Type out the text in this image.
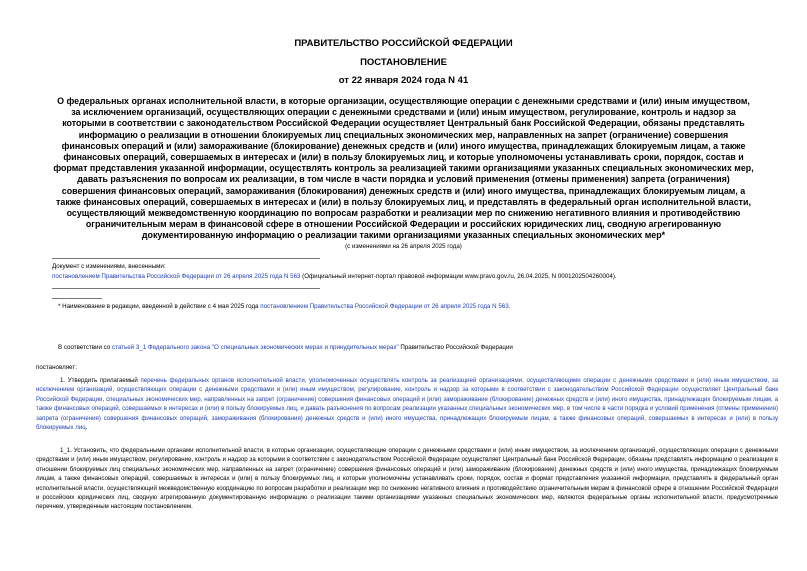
ПРАВИТЕЛЬСТВО РОССИЙСКОЙ ФЕДЕРАЦИИ
ПОСТАНОВЛЕНИЕ
от 22 января 2024 года N 41
О федеральных органах исполнительной власти, в которые организации, осуществляющие операции с денежными средствами и (или) иным имуществом, за исключением организаций, осуществляющих операции с денежными средствами и (или) иным имуществом, регулирование, контроль и надзор за которыми в соответствии с законодательством Российской Федерации осуществляет Центральный банк Российской Федерации, обязаны представлять информацию о реализации в отношении блокируемых лиц специальных экономических мер, направленных на запрет (ограничение) совершения финансовых операций и (или) замораживание (блокирование) денежных средств и (или) иного имущества, принадлежащих блокируемым лицам, а также финансовых операций, совершаемых в интересах и (или) в пользу блокируемых лиц, и которые уполномочены устанавливать сроки, порядок, состав и формат представления указанной информации, осуществлять контроль за реализацией такими организациями указанных специальных экономических мер, давать разъяснения по вопросам их реализации, в том числе в части порядка и условий применения (отмены применения) запрета (ограничения) совершения финансовых операций, замораживания (блокирования) денежных средств и (или) иного имущества, принадлежащих блокируемым лицам, а также финансовых операций, совершаемых в интересах и (или) в пользу блокируемых лиц, и представлять в федеральный орган исполнительной власти, осуществляющий межведомственную координацию по вопросам разработки и реализации мер по снижению негативного влияния и противодействию ограничительным мерам в финансовой сфере в отношении Российской Федерации и российских юридических лиц, сводную агрегированную документированную информацию о реализации такими организациями указанных специальных экономических мер*
(с изменениями на 26 апреля 2025 года)
Документ с изменениями, внесенными:
постановлением Правительства Российской Федерации от 26 апреля 2025 года N 563 (Официальный интернет-портал правовой информации www.pravo.gov.ru, 26.04.2025, N 0001202504260004).
* Наименование в редакции, введенной в действие с 4 мая 2025 года постановлением Правительства Российской Федерации от 26 апреля 2025 года N 563.
В соответствии со статьей 3_1 Федерального закона "О специальных экономических мерах и принудительных мерах" Правительство Российской Федерации
постановляет:
1. Утвердить прилагаемый перечень федеральных органов исполнительной власти, уполномоченных осуществлять контроль за реализацией организациями, осуществляющими операции с денежными средствами и (или) иным имуществом, за исключением организаций, осуществляющих операции с денежными средствами и (или) иным имуществом, регулирование, контроль и надзор за которыми в соответствии с законодательством Российской Федерации осуществляет Центральный банк Российской Федерации, специальных экономических мер, направленных на запрет (ограничение) совершения финансовых операций и (или) замораживание (блокирование) денежных средств и (или) иного имущества, принадлежащих блокируемым лицам, а также финансовых операций, совершаемых в интересах и (или) в пользу блокируемых лиц, и давать разъяснения по вопросам реализации указанных специальных экономических мер, в том числе в части порядка и условий применения (отмены применения) запрета (ограничения) совершения финансовых операций, замораживания (блокирования) денежных средств и (или) иного имущества, принадлежащих блокируемым лицам, а также финансовых операций, совершаемых в интересах и (или) в пользу блокируемых лиц.
1_1. Установить, что федеральными органами исполнительной власти, в которые организации, осуществляющие операции с денежными средствами и (или) иным имуществом, за исключением организаций, осуществляющих операции с денежными средствами и (или) иным имуществом, регулирование, контроль и надзор за которыми в соответствии с законодательством Российской Федерации осуществляет Центральный банк Российской Федерации, обязаны представлять информацию о реализации в отношении блокируемых лиц специальных экономических мер, направленных на запрет (ограничение) совершения финансовых операций и (или) замораживание (блокирование) денежных средств и (или) иного имущества, принадлежащих блокируемым лицам, а также финансовых операций, совершаемых в интересах и (или) в пользу блокируемых лиц, и которые уполномочены устанавливать сроки, порядок, состав и формат представления указанной информации, представлять в федеральный орган исполнительной власти, осуществляющий межведомственную координацию по вопросам разработки и реализации мер по снижению негативного влияния и противодействию ограничительным мерам в финансовой сфере в отношении Российской Федерации и российских юридических лиц, сводную агрегированную документированную информацию о реализации такими организациями указанных специальных экономических мер, являются федеральные органы исполнительной власти, предусмотренные перечнем, утвержденным настоящим постановлением.
